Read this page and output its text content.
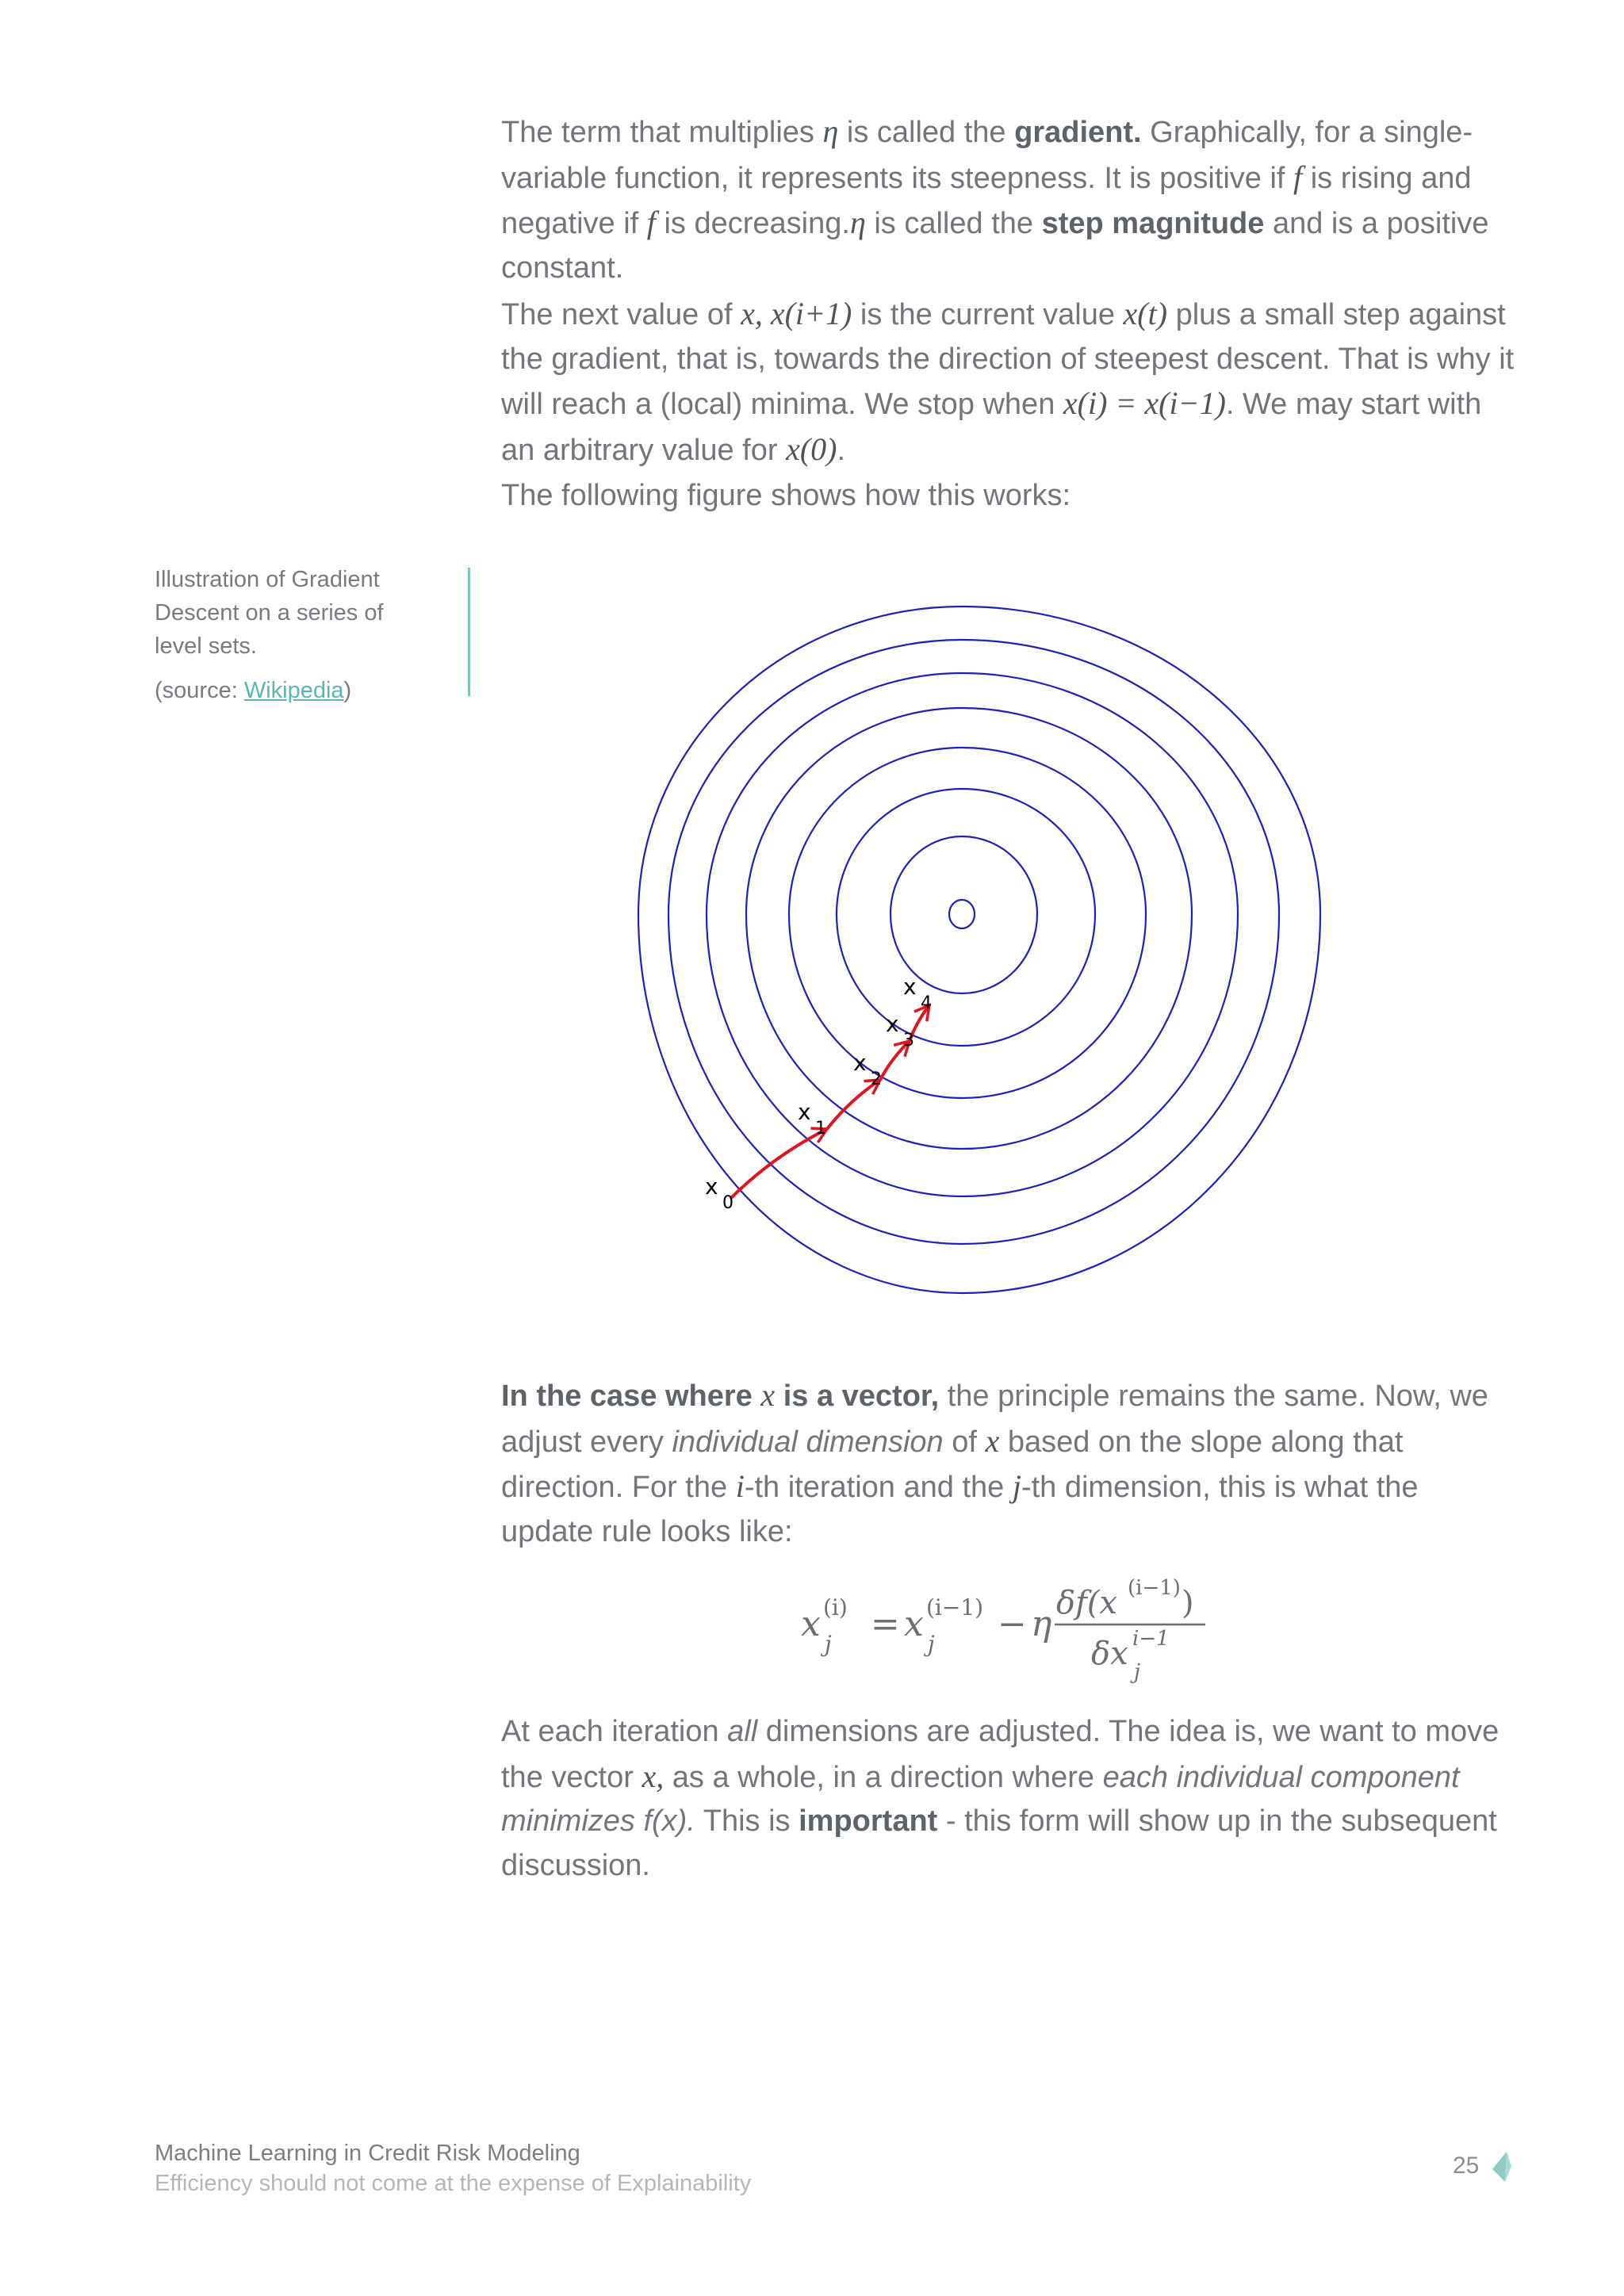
The term that multiplies η is called the gradient. Graphically, for a single-variable function, it represents its steepness. It is positive if f is rising and negative if f is decreasing.η is called the step magnitude and is a positive constant.

The next value of x, x(i+1) is the current value x(t) plus a small step against the gradient, that is, towards the direction of steepest descent. That is why it will reach a (local) minima. We stop when x(i) = x(i−1). We may start with an arbitrary value for x(0).

The following figure shows how this works:

Illustration of Gradient Descent on a series of level sets.

(source: Wikipedia)

x
0
x
1
x
2
x
3
x
4

In the case where x is a vector, the principle remains the same. Now, we adjust every individual dimension of x based on the slope along that direction. For the i-th iteration and the j-th dimension, this is what the update rule looks like:

x (i)
j = x (i−1)
j − η
δf(x (i−1) )
δx i−1
j

At each iteration all dimensions are adjusted. The idea is, we want to move the vector x, as a whole, in a direction where each individual component minimizes f(x). This is important - this form will show up in the subsequent discussion.

Machine Learning in Credit Risk Modeling
Efficiency should not come at the expense of Explainability
25
